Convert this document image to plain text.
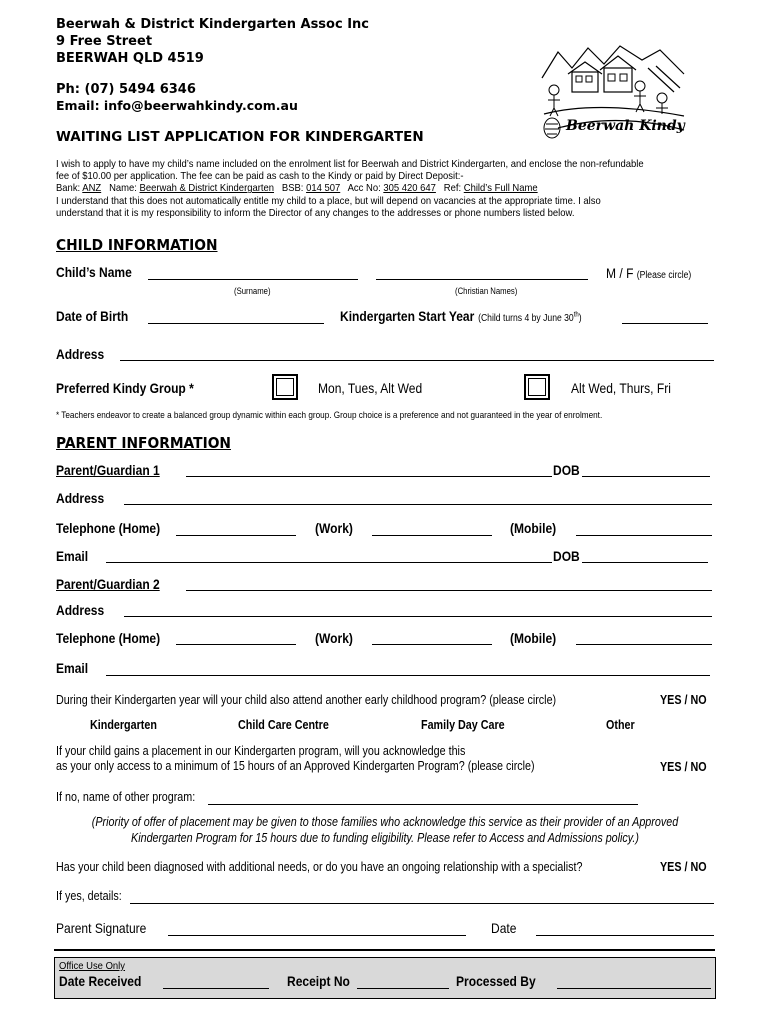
Beerwah & District Kindergarten Assoc Inc
9 Free Street
BEERWAH QLD 4519
Ph: (07) 5494 6346
Email: info@beerwahkindy.com.au
WAITING LIST APPLICATION FOR KINDERGARTEN
Beerwah Kindy
I wish to apply to have my child’s name included on the enrolment list for Beerwah and District Kindergarten, and enclose the non-refundable
fee of $10.00 per application. The fee can be paid as cash to the Kindy or paid by Direct Deposit:-
Bank: ANZ Name: Beerwah & District Kindergarten BSB: 014 507 Acc No: 305 420 647 Ref: Child’s Full Name
I understand that this does not automatically entitle my child to a place, but will depend on vacancies at the appropriate time. I also
understand that it is my responsibility to inform the Director of any changes to the addresses or phone numbers listed below.
CHILD INFORMATION
Child’s Name	M / F (Please circle)
(Surname)	(Christian Names)
Date of Birth	Kindergarten Start Year (Child turns 4 by June 30th)
Address
Preferred Kindy Group *	Mon, Tues, Alt Wed	Alt Wed, Thurs, Fri
* Teachers endeavor to create a balanced group dynamic within each group. Group choice is a preference and not guaranteed in the year of enrolment.
PARENT INFORMATION
Parent/Guardian 1	DOB
Address
Telephone (Home)	(Work)	(Mobile)
Email	DOB
Parent/Guardian 2
Address
Telephone (Home)	(Work)	(Mobile)
Email
During their Kindergarten year will your child also attend another early childhood program? (please circle)	YES / NO
Kindergarten	Child Care Centre	Family Day Care	Other
If your child gains a placement in our Kindergarten program, will you acknowledge this
as your only access to a minimum of 15 hours of an Approved Kindergarten Program? (please circle)	YES / NO
If no, name of other program:
(Priority of offer of placement may be given to those families who acknowledge this service as their provider of an Approved
Kindergarten Program for 15 hours due to funding eligibility. Please refer to Access and Admissions policy.)
Has your child been diagnosed with additional needs, or do you have an ongoing relationship with a specialist?	YES / NO
If yes, details:
Parent Signature	Date
Office Use Only
Date Received	Receipt No	Processed By
